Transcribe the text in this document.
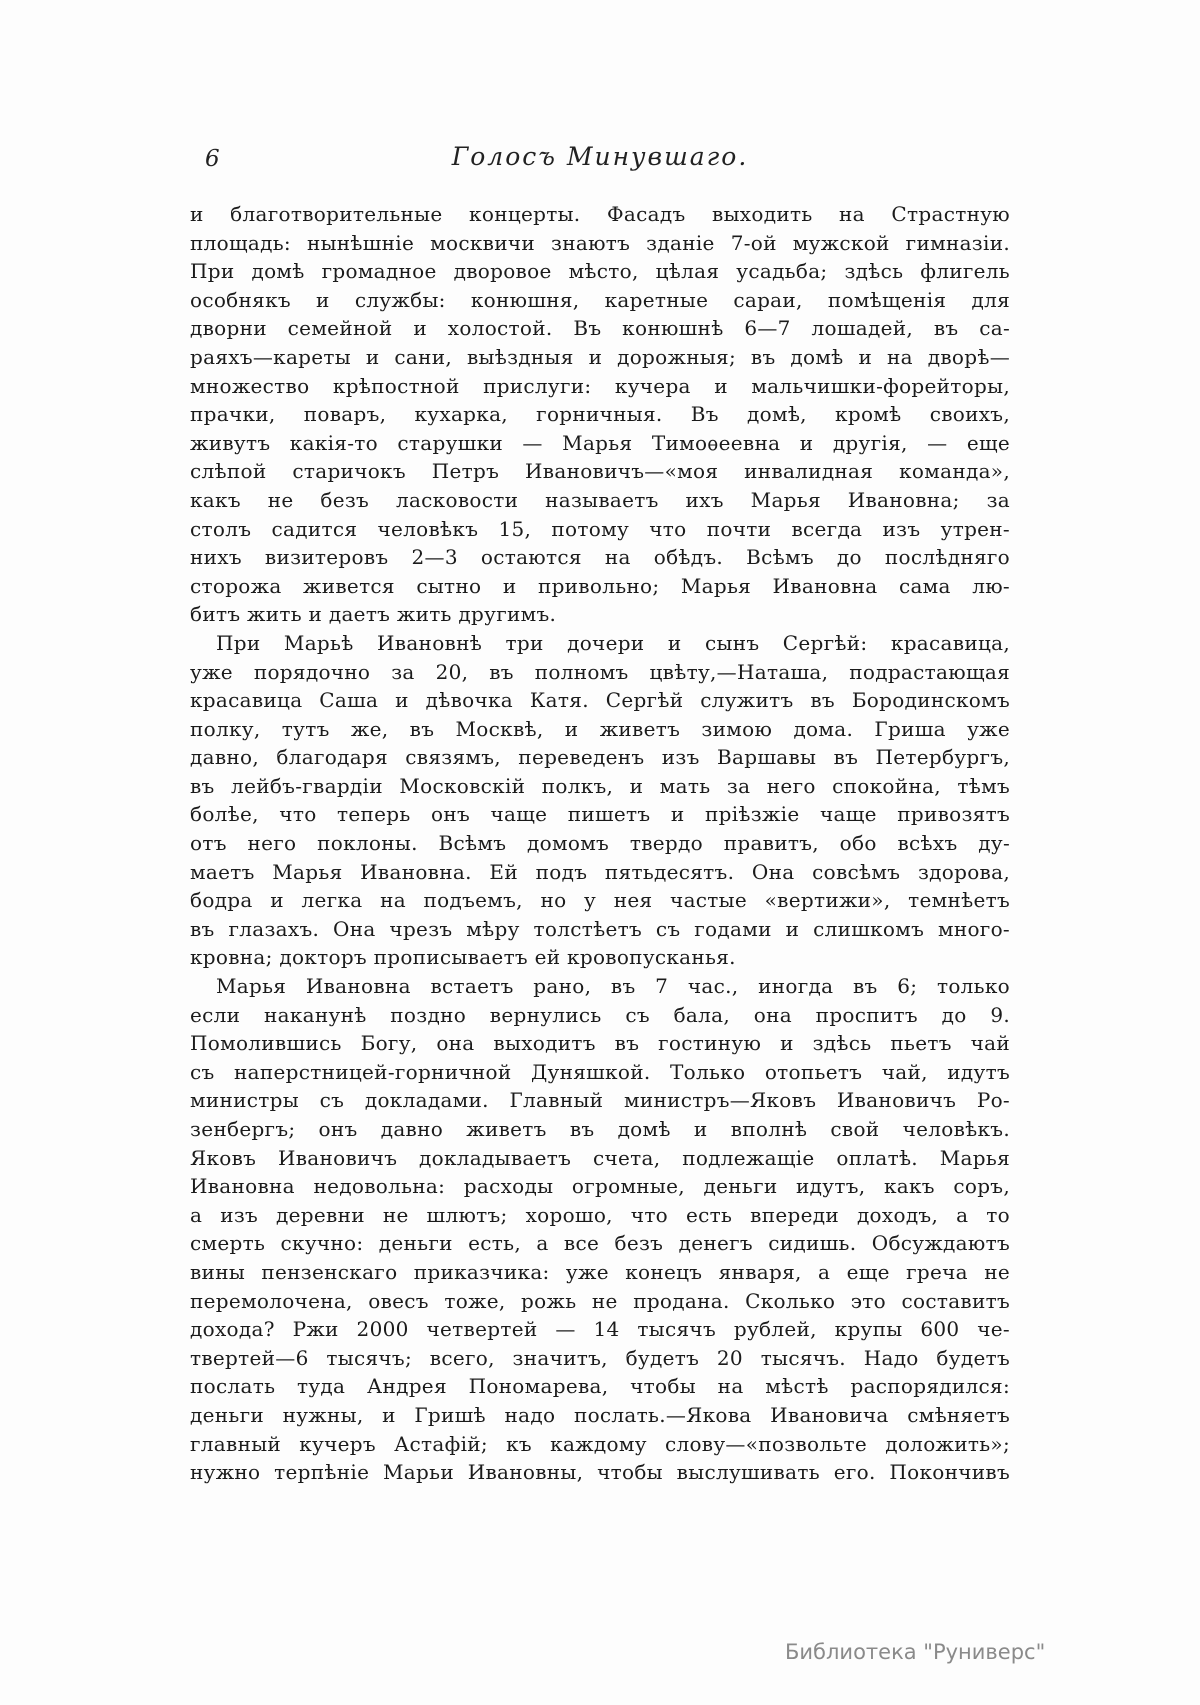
6	Голосъ Минувшаго.
и благотворительные концерты. Фасадъ выходить на Страстную
площадь: нынѣшніе москвичи знаютъ зданіе 7-ой мужской гимназіи.
При домѣ громадное дворовое мѣсто, цѣлая усадьба; здѣсь флигель
особнякъ и службы: конюшня, каретные сараи, помѣщенія для
дворни семейной и холостой. Въ конюшнѣ 6—7 лошадей, въ са-
раяхъ—кареты и сани, выѣздныя и дорожныя; въ домѣ и на дворѣ—
множество крѣпостной прислуги: кучера и мальчишки-форейторы,
прачки, поваръ, кухарка, горничныя. Въ домѣ, кромѣ своихъ,
живутъ какія-то старушки — Марья Тимоѳеевна и другія, — еще
слѣпой старичокъ Петръ Ивановичъ—«моя инвалидная команда»,
какъ не безъ ласковости называетъ ихъ Марья Ивановна; за
столъ садится человѣкъ 15, потому что почти всегда изъ утрен-
нихъ визитеровъ 2—3 остаются на обѣдъ. Всѣмъ до послѣдняго
сторожа живется сытно и привольно; Марья Ивановна сама лю-
битъ жить и даетъ жить другимъ.
При Марьѣ Ивановнѣ три дочери и сынъ Сергѣй: красавица,
уже порядочно за 20, въ полномъ цвѣту,—Наташа, подрастающая
красавица Саша и дѣвочка Катя. Сергѣй служитъ въ Бородинскомъ
полку, тутъ же, въ Москвѣ, и живетъ зимою дома. Гриша уже
давно, благодаря связямъ, переведенъ изъ Варшавы въ Петербургъ,
въ лейбъ-гвардіи Московскій полкъ, и мать за него спокойна, тѣмъ
болѣе, что теперь онъ чаще пишетъ и пріѣзжіе чаще привозятъ
отъ него поклоны. Всѣмъ домомъ твердо правитъ, обо всѣхъ ду-
маетъ Марья Ивановна. Ей подъ пятьдесятъ. Она совсѣмъ здорова,
бодра и легка на подъемъ, но у нея частые «вертижи», темнѣетъ
въ глазахъ. Она чрезъ мѣру толстѣетъ съ годами и слишкомъ много-
кровна; докторъ прописываетъ ей кровопусканья.
Марья Ивановна встаетъ рано, въ 7 час., иногда въ 6; только
если наканунѣ поздно вернулись съ бала, она проспитъ до 9.
Помолившись Богу, она выходитъ въ гостиную и здѣсь пьетъ чай
съ наперстницей-горничной Дуняшкой. Только отопьетъ чай, идутъ
министры съ докладами. Главный министръ—Яковъ Ивановичъ Ро-
зенбергъ; онъ давно живетъ въ домѣ и вполнѣ свой человѣкъ.
Яковъ Ивановичъ докладываетъ счета, подлежащіе оплатѣ. Марья
Ивановна недовольна: расходы огромные, деньги идутъ, какъ соръ,
а изъ деревни не шлютъ; хорошо, что есть впереди доходъ, а то
смерть скучно: деньги есть, а все безъ денегъ сидишь. Обсуждаютъ
вины пензенскаго приказчика: уже конецъ января, а еще греча не
перемолочена, овесъ тоже, рожь не продана. Сколько это составитъ
дохода? Ржи 2000 четвертей — 14 тысячъ рублей, крупы 600 че-
твертей—6 тысячъ; всего, значитъ, будетъ 20 тысячъ. Надо будетъ
послать туда Андрея Пономарева, чтобы на мѣстѣ распорядился:
деньги нужны, и Гришѣ надо послать.—Якова Ивановича смѣняетъ
главный кучеръ Астафій; къ каждому слову—«позвольте доложить»;
нужно терпѣніе Марьи Ивановны, чтобы выслушивать его. Покончивъ
Библиотека "Руниверс"
